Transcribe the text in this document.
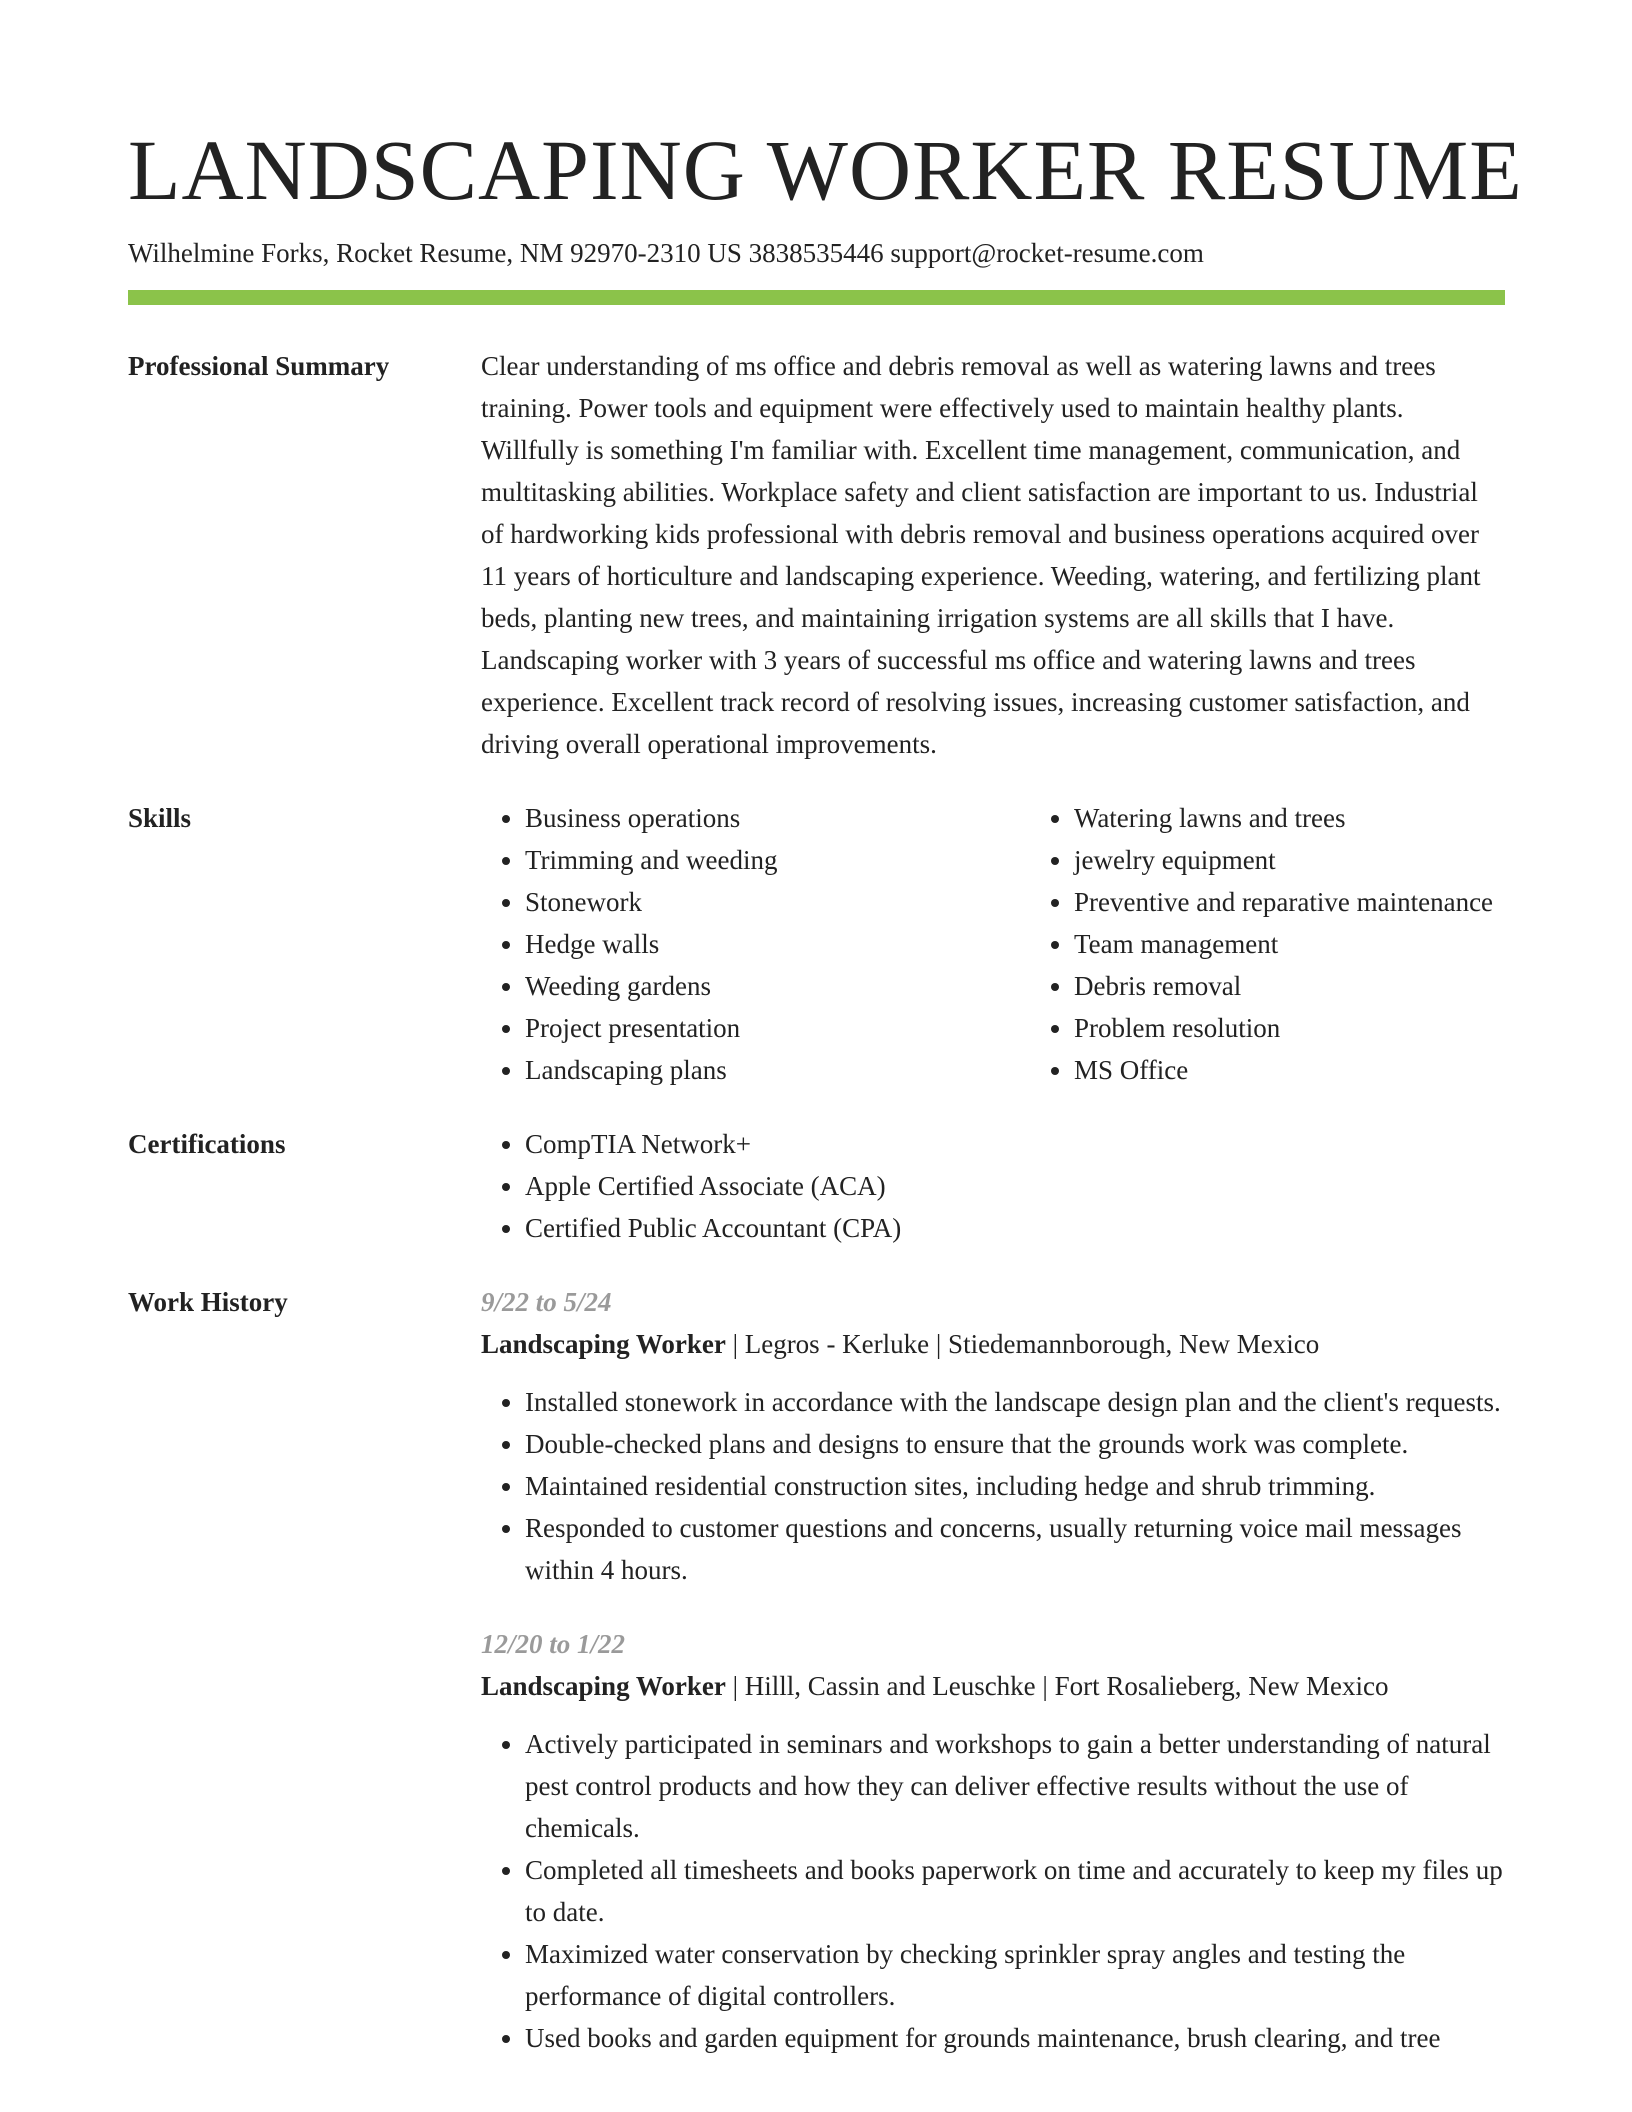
LANDSCAPING WORKER RESUME
Wilhelmine Forks, Rocket Resume, NM 92970-2310 US 3838535446 support@rocket-resume.com
Professional Summary	Clear understanding of ms office and debris removal as well as watering lawns and trees training. Power tools and equipment were effectively used to maintain healthy plants. Willfully is something I'm familiar with. Excellent time management, communication, and multitasking abilities. Workplace safety and client satisfaction are important to us. Industrial of hardworking kids professional with debris removal and business operations acquired over 11 years of horticulture and landscaping experience. Weeding, watering, and fertilizing plant beds, planting new trees, and maintaining irrigation systems are all skills that I have. Landscaping worker with 3 years of successful ms office and watering lawns and trees experience. Excellent track record of resolving issues, increasing customer satisfaction, and driving overall operational improvements.

Skills	• Business operations
• Trimming and weeding
• Stonework
• Hedge walls
• Weeding gardens
• Project presentation
• Landscaping plans
• Watering lawns and trees
• jewelry equipment
• Preventive and reparative maintenance
• Team management
• Debris removal
• Problem resolution
• MS Office
Certifications	• CompTIA Network+
• Apple Certified Associate (ACA)
• Certified Public Accountant (CPA)
Work History	9/22 to 5/24
Landscaping Worker | Legros - Kerluke | Stiedemannborough, New Mexico
• Installed stonework in accordance with the landscape design plan and the client's requests.
• Double-checked plans and designs to ensure that the grounds work was complete.
• Maintained residential construction sites, including hedge and shrub trimming.
• Responded to customer questions and concerns, usually returning voice mail messages within 4 hours.
12/20 to 1/22
Landscaping Worker | Hilll, Cassin and Leuschke | Fort Rosalieberg, New Mexico
• Actively participated in seminars and workshops to gain a better understanding of natural pest control products and how they can deliver effective results without the use of chemicals.
• Completed all timesheets and books paperwork on time and accurately to keep my files up to date.
• Maximized water conservation by checking sprinkler spray angles and testing the performance of digital controllers.
• Used books and garden equipment for grounds maintenance, brush clearing, and tree
